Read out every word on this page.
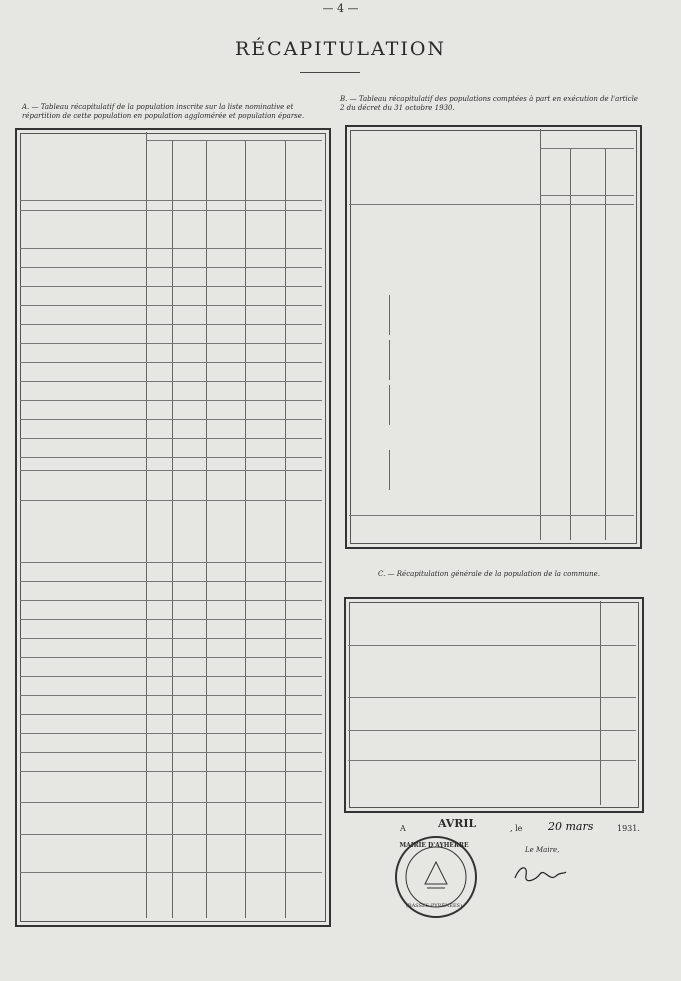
— 4 —
RÉCAPITULATION
A. — Tableau récapitulatif de la population inscrite sur la liste nominative et répartition de cette population en population agglomérée et population éparse.
B. — Tableau récapitulatif des populations comptées à part en exécution de l'article 2 du décret du 31 octobre 1930.
C. — Récapitulation générale de la population de la commune.
A	AVRIL	, le 20 mars	1931.
Le Maire,
MAIRIE D'AYHERRE
(BASSES-PYRÉNÉES)
